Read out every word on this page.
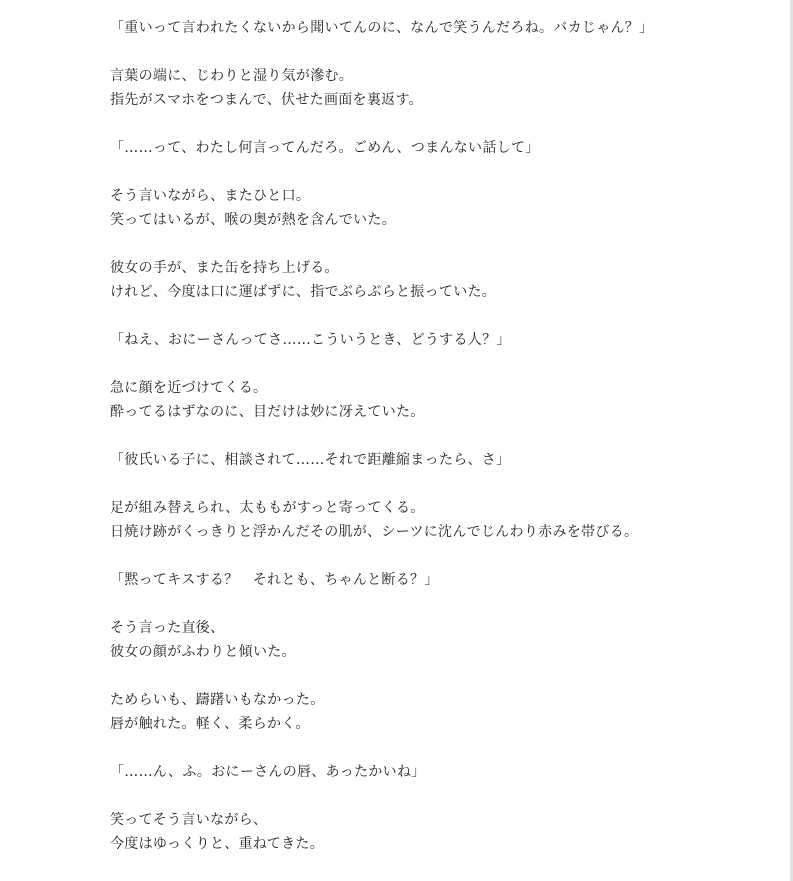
「重いって言われたくないから聞いてんのに、なんで笑うんだろね。バカじゃん？」
言葉の端に、じわりと湿り気が滲む。
指先がスマホをつまんで、伏せた画面を裏返す。
「……って、わたし何言ってんだろ。ごめん、つまんない話して」
そう言いながら、またひと口。
笑ってはいるが、喉の奥が熱を含んでいた。
彼女の手が、また缶を持ち上げる。
けれど、今度は口に運ばずに、指でぶらぶらと振っていた。
「ねえ、おにーさんってさ……こういうとき、どうする人？」
急に顔を近づけてくる。
酔ってるはずなのに、目だけは妙に冴えていた。
「彼氏いる子に、相談されて……それで距離縮まったら、さ」
足が組み替えられ、太ももがすっと寄ってくる。
日焼け跡がくっきりと浮かんだその肌が、シーツに沈んでじんわり赤みを帯びる。
「黙ってキスする？　それとも、ちゃんと断る？」
そう言った直後、
彼女の顔がふわりと傾いた。
ためらいも、躊躇いもなかった。
唇が触れた。軽く、柔らかく。
「……ん、ふ。おにーさんの唇、あったかいね」
笑ってそう言いながら、
今度はゆっくりと、重ねてきた。
